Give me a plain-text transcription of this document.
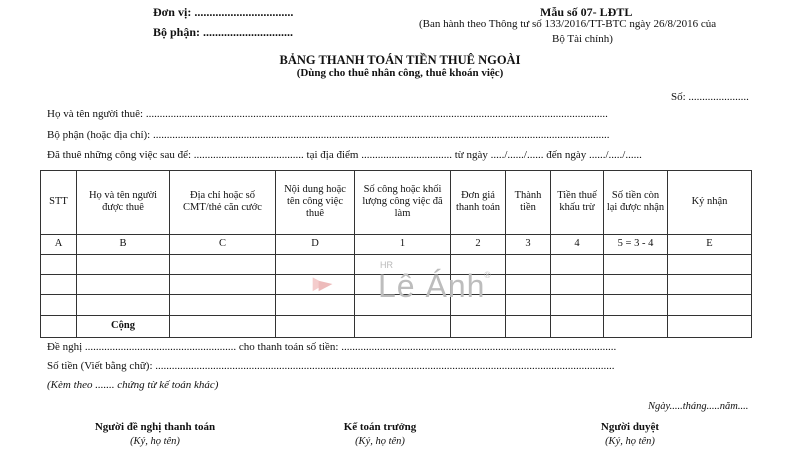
Đơn vị: .................................
Bộ phận: ..............................
Mẫu số 07- LĐTL
(Ban hành theo Thông tư số 133/2016/TT-BTC ngày 26/8/2016 của
Bộ Tài chính)
BẢNG THANH TOÁN TIỀN THUÊ NGOÀI
(Dùng cho thuê nhân công, thuê khoán việc)
Số: ......................
Họ và tên người thuê: ........................................................................................................................................................................
Bộ phận (hoặc địa chỉ): ......................................................................................................................................................................
Đã thuê những công việc sau để: ........................................ tại địa điểm ................................. từ ngày ...../....../...... đến ngày ....../...../......
STT	Họ và tên người được thuê	Địa chỉ hoặc số CMT/thẻ căn cước	Nội dung hoặc tên công việc thuê	Số công hoặc khối lượng công việc đã làm	Đơn giá thanh toán	Thành tiền	Tiền thuế khấu trừ	Số tiền còn lại được nhận	Ký nhận
A	B	C	D	1	2	3	4	5 = 3 - 4	E

	Cộng								
HR
Lê Ánh
®
Đề nghị ....................................................... cho thanh toán số tiền: ....................................................................................................
Số tiền (Viết bằng chữ): .......................................................................................................................................................................
(Kèm theo ....... chứng từ kế toán khác)
Ngày.....tháng.....năm....
Người đề nghị thanh toán
(Ký, họ tên)
Kế toán trưởng
(Ký, họ tên)
Người duyệt
(Ký, họ tên)
